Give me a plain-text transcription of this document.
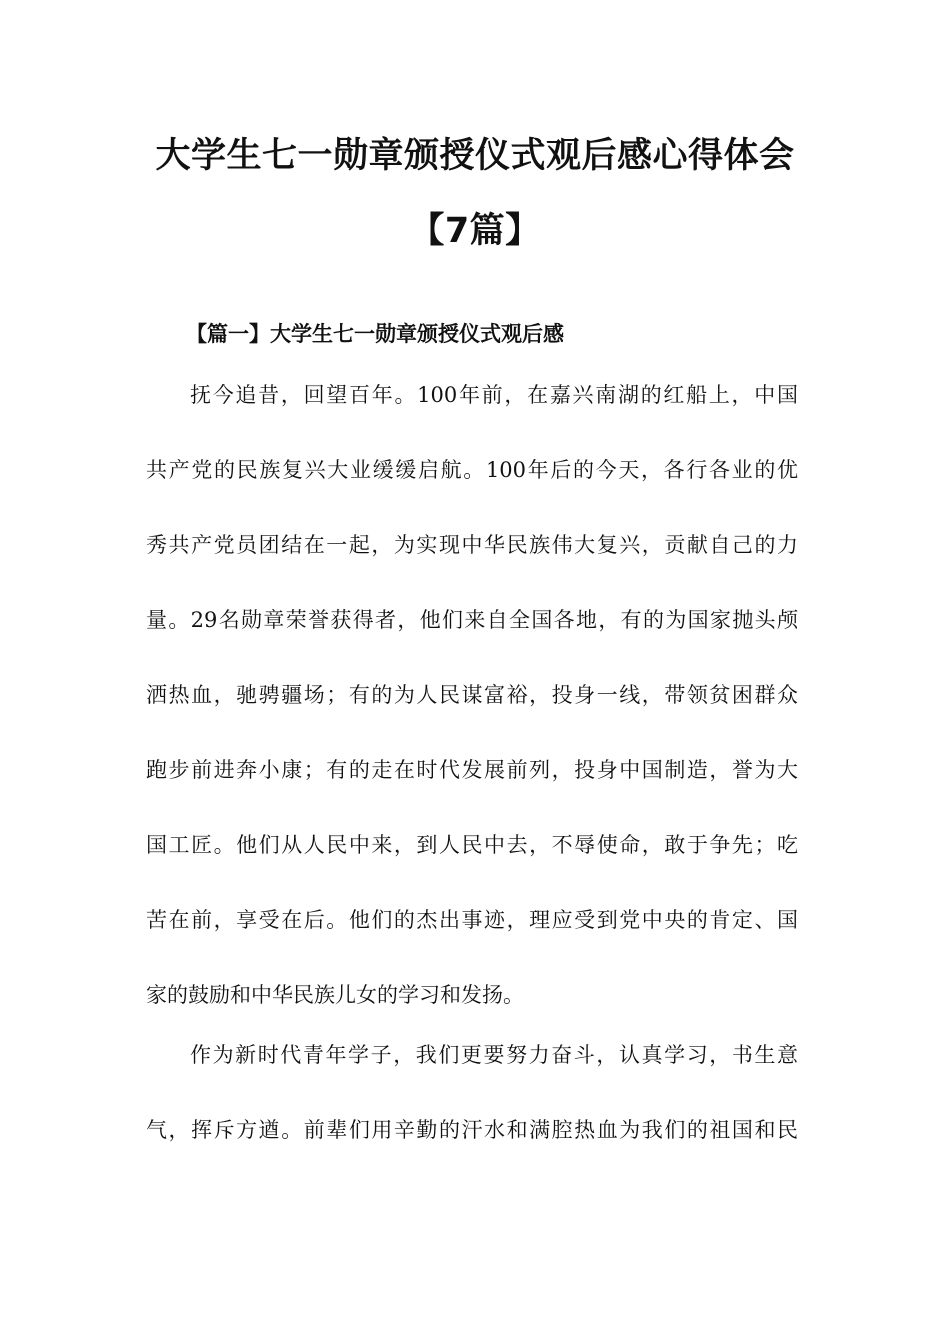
大学生七一勋章颁授仪式观后感心得体会
【7篇】
【篇一】大学生七一勋章颁授仪式观后感
抚今追昔，回望百年。100年前，在嘉兴南湖的红船上，中国
共产党的民族复兴大业缓缓启航。100年后的今天，各行各业的优
秀共产党员团结在一起，为实现中华民族伟大复兴，贡献自己的力
量。29名勋章荣誉获得者，他们来自全国各地，有的为国家抛头颅
洒热血，驰骋疆场；有的为人民谋富裕，投身一线，带领贫困群众
跑步前进奔小康；有的走在时代发展前列，投身中国制造，誉为大
国工匠。他们从人民中来，到人民中去，不辱使命，敢于争先；吃
苦在前，享受在后。他们的杰出事迹，理应受到党中央的肯定、国
家的鼓励和中华民族儿女的学习和发扬。
作为新时代青年学子，我们更要努力奋斗，认真学习，书生意
气，挥斥方遒。前辈们用辛勤的汗水和满腔热血为我们的祖国和民
